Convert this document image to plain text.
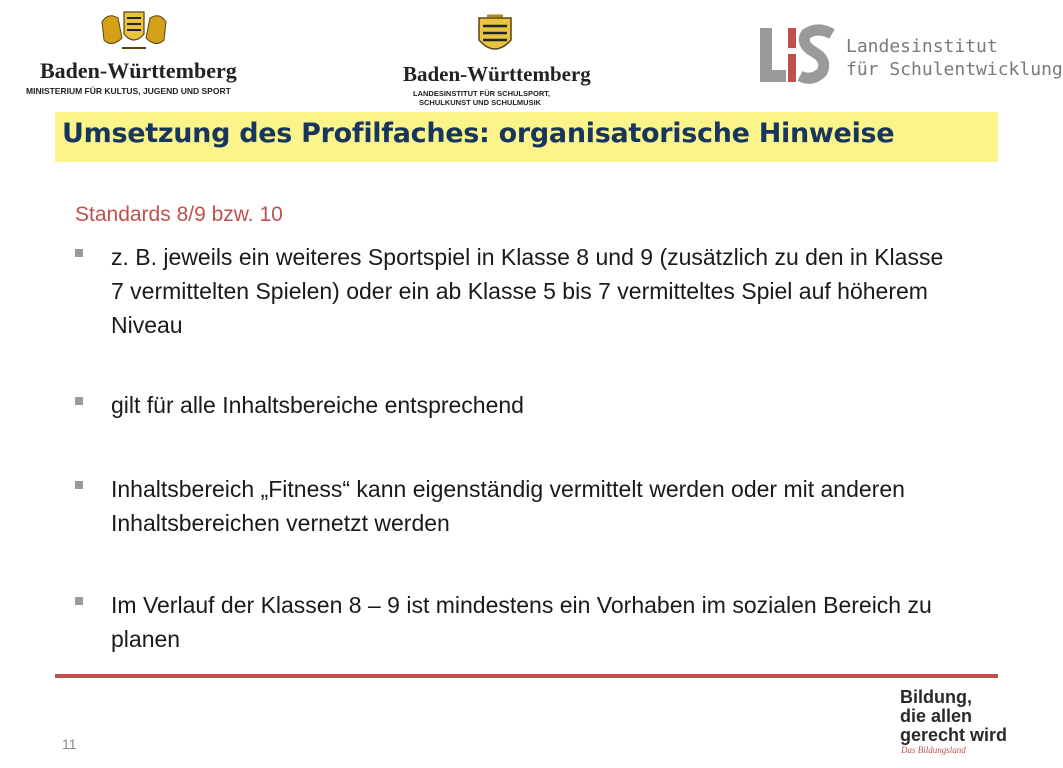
Baden-Württemberg
MINISTERIUM FÜR KULTUS, JUGEND UND SPORT
Baden-Württemberg
LANDESINSTITUT FÜR SCHULSPORT,
SCHULKUNST UND SCHULMUSIK
Landesinstitut
für Schulentwicklung
Umsetzung des Profilfaches: organisatorische Hinweise
Standards 8/9 bzw. 10
z. B. jeweils ein weiteres Sportspiel in Klasse 8 und 9 (zusätzlich zu den in Klasse 7 vermittelten Spielen) oder ein ab Klasse 5 bis 7 vermitteltes Spiel auf höherem Niveau
gilt für alle Inhaltsbereiche entsprechend
Inhaltsbereich „Fitness“ kann eigenständig vermittelt werden oder mit anderen Inhaltsbereichen vernetzt werden
Im Verlauf der Klassen 8 – 9 ist mindestens ein Vorhaben im sozialen Bereich zu planen
11
Bildung,
die allen
gerecht wird
Das Bildungsland
